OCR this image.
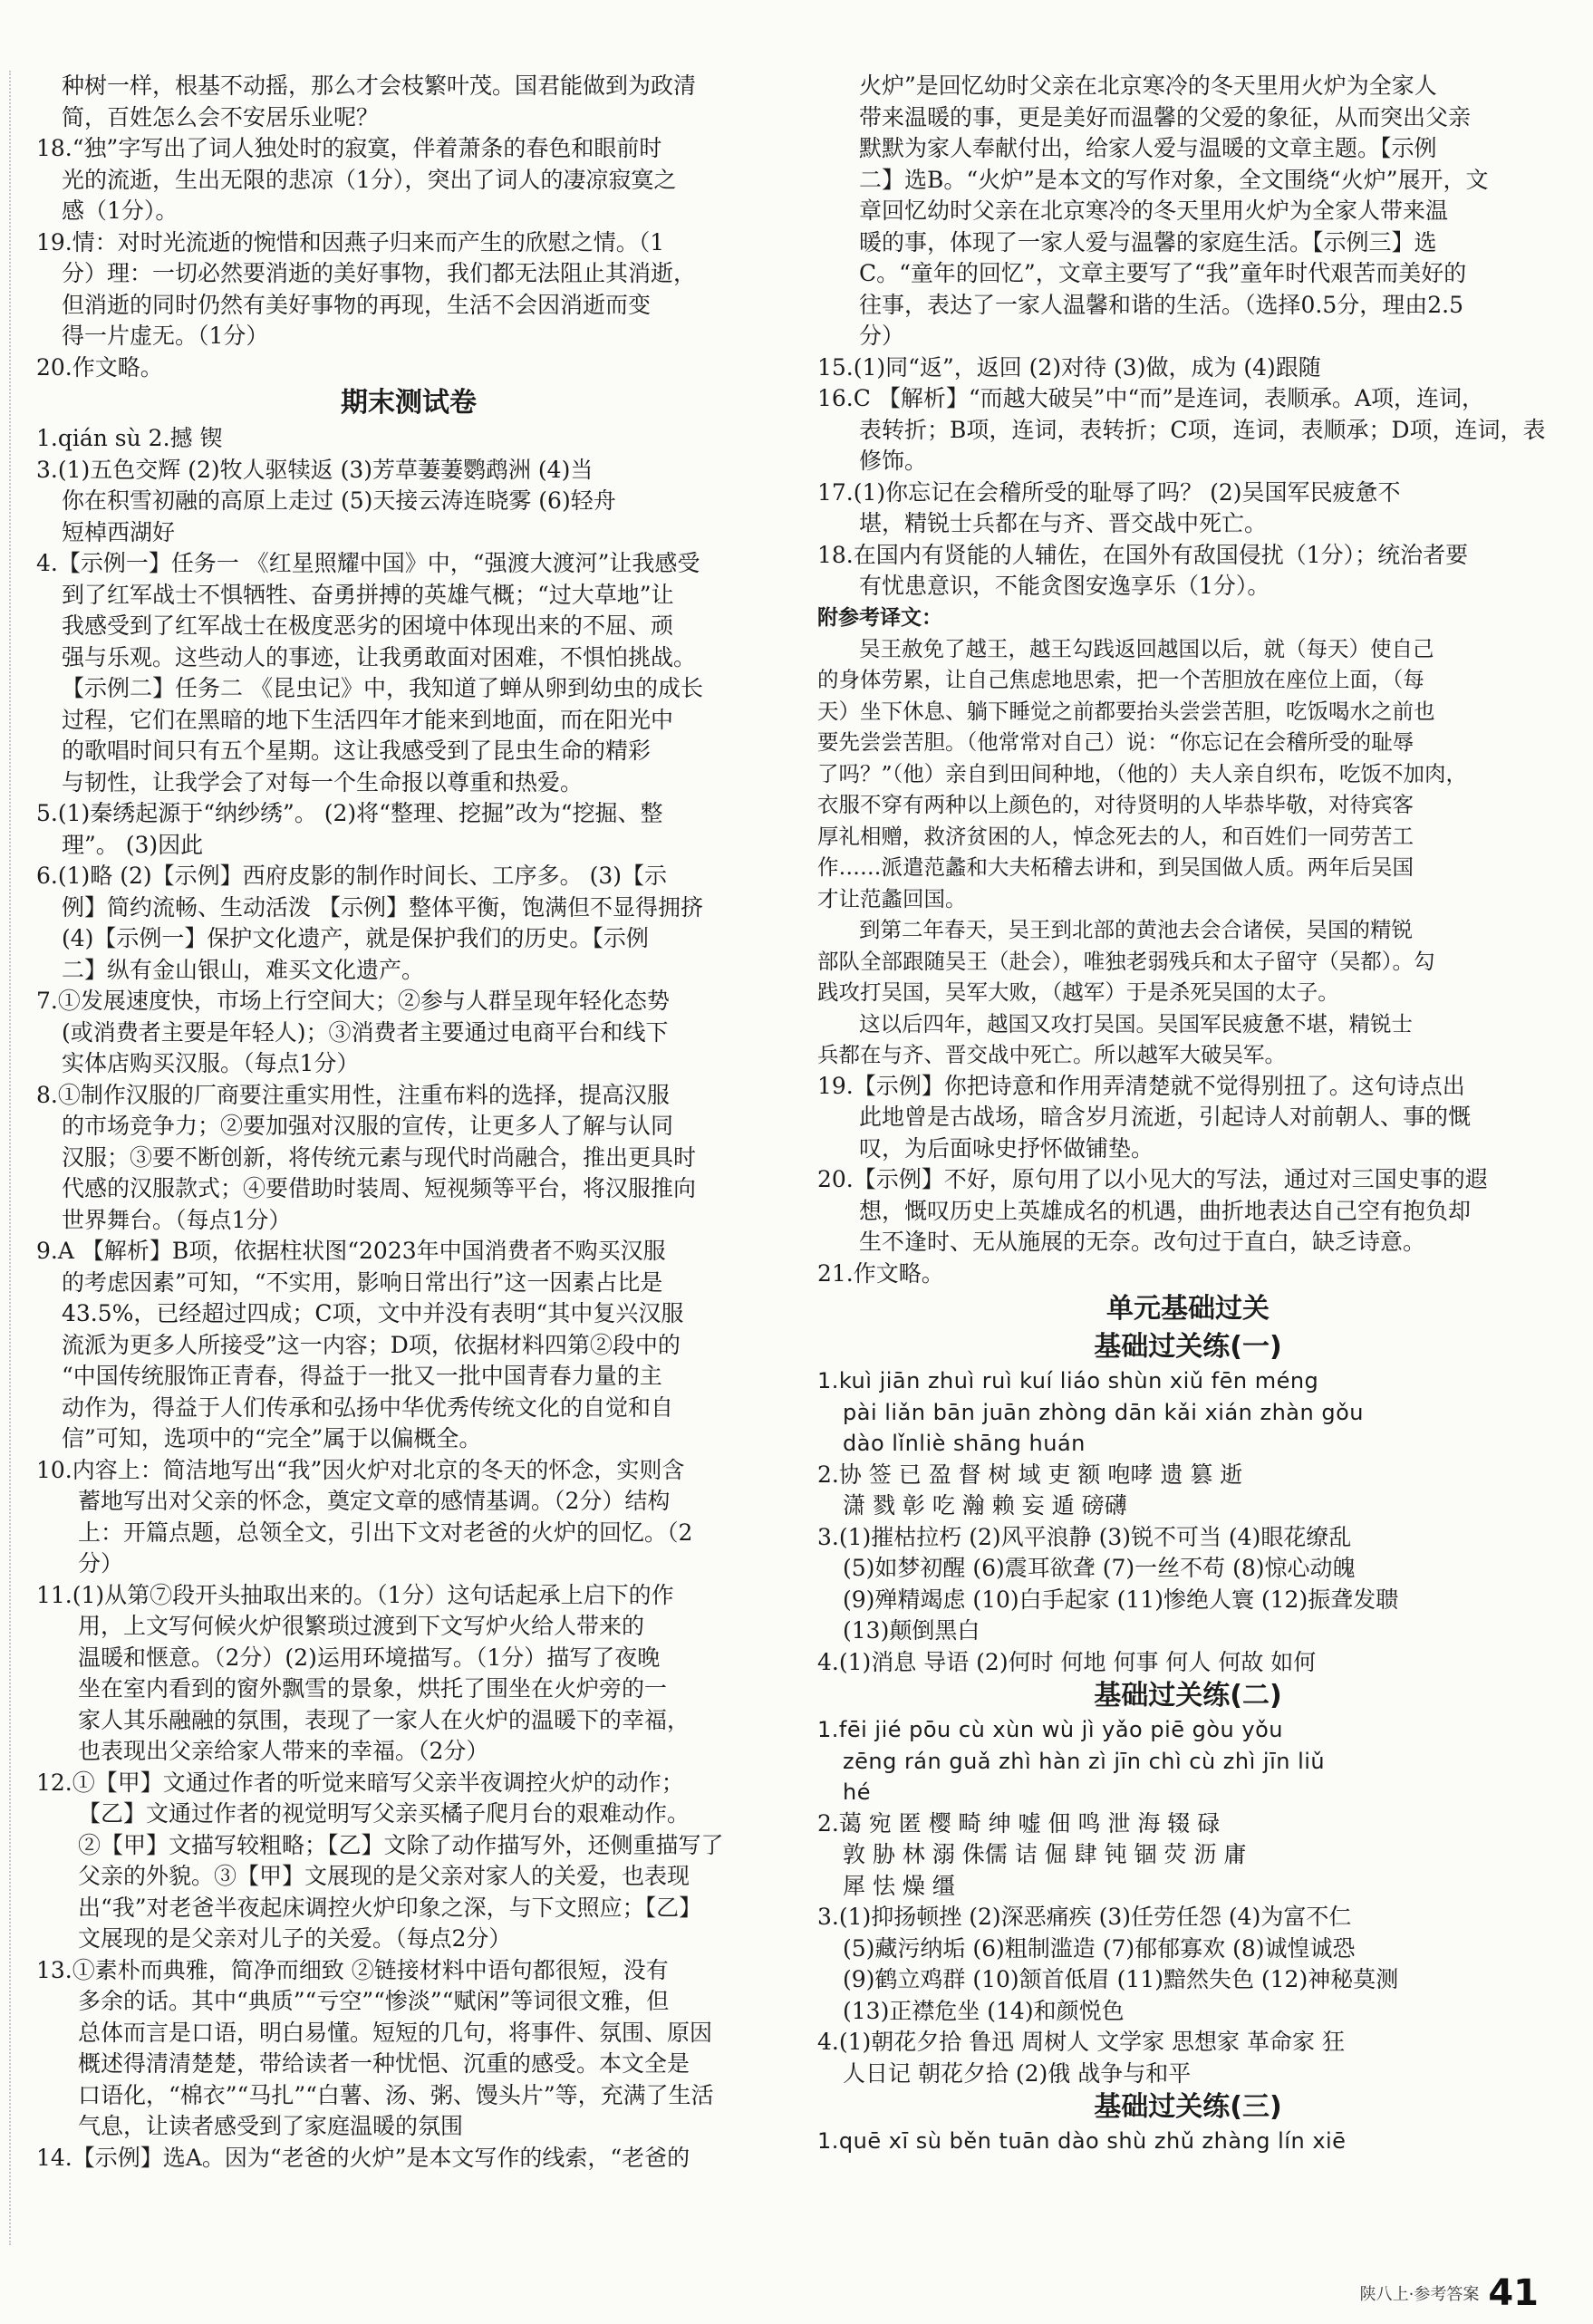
种树一样，根基不动摇，那么才会枝繁叶茂。国君能做到为政清
简，百姓怎么会不安居乐业呢？
18.“独”字写出了词人独处时的寂寞，伴着萧条的春色和眼前时
光的流逝，生出无限的悲凉（1分），突出了词人的凄凉寂寞之
感（1分）。
19.情：对时光流逝的惋惜和因燕子归来而产生的欣慰之情。（1
分）理：一切必然要消逝的美好事物，我们都无法阻止其消逝，
但消逝的同时仍然有美好事物的再现，生活不会因消逝而变
得一片虚无。（1分）
20.作文略。
期末测试卷
1.qián sù 2.撼 锲
3.(1)五色交辉 (2)牧人驱犊返 (3)芳草萋萋鹦鹉洲 (4)当
你在积雪初融的高原上走过 (5)天接云涛连晓雾 (6)轻舟
短棹西湖好
4.【示例一】任务一 《红星照耀中国》中，“强渡大渡河”让我感受
到了红军战士不惧牺牲、奋勇拼搏的英雄气概；“过大草地”让
我感受到了红军战士在极度恶劣的困境中体现出来的不屈、顽
强与乐观。这些动人的事迹，让我勇敢面对困难，不惧怕挑战。
【示例二】任务二 《昆虫记》中，我知道了蝉从卵到幼虫的成长
过程，它们在黑暗的地下生活四年才能来到地面，而在阳光中
的歌唱时间只有五个星期。这让我感受到了昆虫生命的精彩
与韧性，让我学会了对每一个生命报以尊重和热爱。
5.(1)秦绣起源于“纳纱绣”。 (2)将“整理、挖掘”改为“挖掘、整
理”。 (3)因此
6.(1)略 (2)【示例】西府皮影的制作时间长、工序多。 (3)【示
例】简约流畅、生动活泼 【示例】整体平衡，饱满但不显得拥挤
(4)【示例一】保护文化遗产，就是保护我们的历史。【示例
二】纵有金山银山，难买文化遗产。
7.①发展速度快，市场上行空间大；②参与人群呈现年轻化态势
(或消费者主要是年轻人)；③消费者主要通过电商平台和线下
实体店购买汉服。（每点1分）
8.①制作汉服的厂商要注重实用性，注重布料的选择，提高汉服
的市场竞争力；②要加强对汉服的宣传，让更多人了解与认同
汉服；③要不断创新，将传统元素与现代时尚融合，推出更具时
代感的汉服款式；④要借助时装周、短视频等平台，将汉服推向
世界舞台。（每点1分）
9.A 【解析】B项，依据柱状图“2023年中国消费者不购买汉服
的考虑因素”可知，“不实用，影响日常出行”这一因素占比是
43.5%，已经超过四成；C项，文中并没有表明“其中复兴汉服
流派为更多人所接受”这一内容；D项，依据材料四第②段中的
“中国传统服饰正青春，得益于一批又一批中国青春力量的主
动作为，得益于人们传承和弘扬中华优秀传统文化的自觉和自
信”可知，选项中的“完全”属于以偏概全。
10.内容上：简洁地写出“我”因火炉对北京的冬天的怀念，实则含
蓄地写出对父亲的怀念，奠定文章的感情基调。（2分）结构
上：开篇点题，总领全文，引出下文对老爸的火炉的回忆。（2
分）
11.(1)从第⑦段开头抽取出来的。（1分）这句话起承上启下的作
用，上文写何候火炉很繁琐过渡到下文写炉火给人带来的
温暖和惬意。（2分）(2)运用环境描写。（1分）描写了夜晚
坐在室内看到的窗外飘雪的景象，烘托了围坐在火炉旁的一
家人其乐融融的氛围，表现了一家人在火炉的温暖下的幸福，
也表现出父亲给家人带来的幸福。（2分）
12.①【甲】文通过作者的听觉来暗写父亲半夜调控火炉的动作；
【乙】文通过作者的视觉明写父亲买橘子爬月台的艰难动作。
②【甲】文描写较粗略；【乙】文除了动作描写外，还侧重描写了
父亲的外貌。③【甲】文展现的是父亲对家人的关爱，也表现
出“我”对老爸半夜起床调控火炉印象之深，与下文照应；【乙】
文展现的是父亲对儿子的关爱。（每点2分）
13.①素朴而典雅，简净而细致 ②链接材料中语句都很短，没有
多余的话。其中“典质”“亏空”“惨淡”“赋闲”等词很文雅，但
总体而言是口语，明白易懂。短短的几句，将事件、氛围、原因
概述得清清楚楚，带给读者一种忧悒、沉重的感受。本文全是
口语化，“棉衣”“马扎”“白薯、汤、粥、馒头片”等，充满了生活
气息，让读者感受到了家庭温暖的氛围
14.【示例】选A。因为“老爸的火炉”是本文写作的线索，“老爸的
火炉”是回忆幼时父亲在北京寒冷的冬天里用火炉为全家人
带来温暖的事，更是美好而温馨的父爱的象征，从而突出父亲
默默为家人奉献付出，给家人爱与温暖的文章主题。【示例
二】选B。“火炉”是本文的写作对象，全文围绕“火炉”展开，文
章回忆幼时父亲在北京寒冷的冬天里用火炉为全家人带来温
暖的事，体现了一家人爱与温馨的家庭生活。【示例三】选
C。“童年的回忆”，文章主要写了“我”童年时代艰苦而美好的
往事，表达了一家人温馨和谐的生活。（选择0.5分，理由2.5
分）
15.(1)同“返”，返回 (2)对待 (3)做，成为 (4)跟随
16.C 【解析】“而越大破吴”中“而”是连词，表顺承。A项，连词，
表转折；B项，连词，表转折；C项，连词，表顺承；D项，连词，表
修饰。
17.(1)你忘记在会稽所受的耻辱了吗？ (2)吴国军民疲惫不
堪，精锐士兵都在与齐、晋交战中死亡。
18.在国内有贤能的人辅佐，在国外有敌国侵扰（1分）；统治者要
有忧患意识，不能贪图安逸享乐（1分）。
附参考译文：
吴王赦免了越王，越王勾践返回越国以后，就（每天）使自己
的身体劳累，让自己焦虑地思索，把一个苦胆放在座位上面，（每
天）坐下休息、躺下睡觉之前都要抬头尝尝苦胆，吃饭喝水之前也
要先尝尝苦胆。（他常常对自己）说：“你忘记在会稽所受的耻辱
了吗？”（他）亲自到田间种地，（他的）夫人亲自织布，吃饭不加肉，
衣服不穿有两种以上颜色的，对待贤明的人毕恭毕敬，对待宾客
厚礼相赠，救济贫困的人，悼念死去的人，和百姓们一同劳苦工
作……派遣范蠡和大夫柘稽去讲和，到吴国做人质。两年后吴国
才让范蠡回国。
到第二年春天，吴王到北部的黄池去会合诸侯，吴国的精锐
部队全部跟随吴王（赴会），唯独老弱残兵和太子留守（吴都）。勾
践攻打吴国，吴军大败，（越军）于是杀死吴国的太子。
这以后四年，越国又攻打吴国。吴国军民疲惫不堪，精锐士
兵都在与齐、晋交战中死亡。所以越军大破吴军。
19.【示例】你把诗意和作用弄清楚就不觉得别扭了。这句诗点出
此地曾是古战场，暗含岁月流逝，引起诗人对前朝人、事的慨
叹，为后面咏史抒怀做铺垫。
20.【示例】不好，原句用了以小见大的写法，通过对三国史事的遐
想，慨叹历史上英雄成名的机遇，曲折地表达自己空有抱负却
生不逢时、无从施展的无奈。改句过于直白，缺乏诗意。
21.作文略。
单元基础过关
基础过关练(一)
1.kuì jiān zhuì ruì kuí liáo shùn xiǔ fēn méng
pài liǎn bān juān zhòng dān kǎi xián zhàn gǒu
dào lǐnliè shāng huán
2.协 签 已 盈 督 树 域 吏 额 咆哮 遗 篡 逝
潇 戮 彰 吃 瀚 赖 妄 遁 磅礴
3.(1)摧枯拉朽 (2)风平浪静 (3)锐不可当 (4)眼花缭乱
(5)如梦初醒 (6)震耳欲聋 (7)一丝不苟 (8)惊心动魄
(9)殚精竭虑 (10)白手起家 (11)惨绝人寰 (12)振聋发聩
(13)颠倒黑白
4.(1)消息 导语 (2)何时 何地 何事 何人 何故 如何
基础过关练(二)
1.fēi jié pōu cù xùn wù jì yǎo piē gòu yǒu
zēng rán guǎ zhì hàn zì jīn chì cù zhì jīn liǔ
hé
2.蔼 宛 匿 樱 畸 绅 嘘 佃 鸣 泄 海 辍 碌
敦 胁 林 溺 侏儒 诘 倔 肆 钝 锢 荧 沥 庸
犀 怯 燥 缰
3.(1)抑扬顿挫 (2)深恶痛疾 (3)任劳任怨 (4)为富不仁
(5)藏污纳垢 (6)粗制滥造 (7)郁郁寡欢 (8)诚惶诚恐
(9)鹤立鸡群 (10)颔首低眉 (11)黯然失色 (12)神秘莫测
(13)正襟危坐 (14)和颜悦色
4.(1)朝花夕拾 鲁迅 周树人 文学家 思想家 革命家 狂
人日记 朝花夕拾 (2)俄 战争与和平
基础过关练(三)
1.quē xī sù běn tuān dào shù zhǔ zhàng lín xiē
陕八上·参考答案 41
